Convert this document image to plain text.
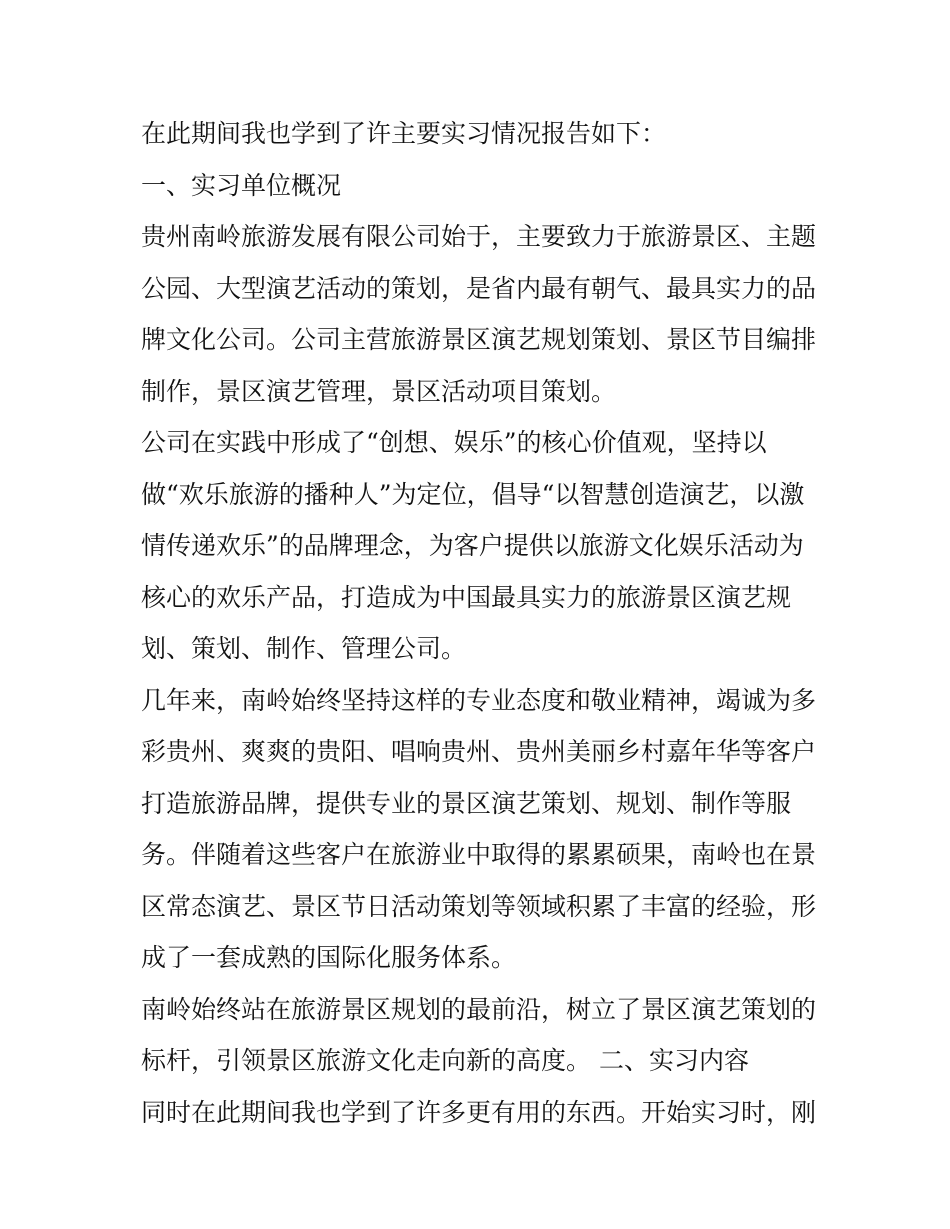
在此期间我也学到了许主要实习情况报告如下：
一、实习单位概况
贵州南岭旅游发展有限公司始于，主要致力于旅游景区、主题
公园、大型演艺活动的策划，是省内最有朝气、最具实力的品
牌文化公司。公司主营旅游景区演艺规划策划、景区节目编排
制作，景区演艺管理，景区活动项目策划。
公司在实践中形成了“创想、娱乐”的核心价值观，坚持以
做“欢乐旅游的播种人”为定位，倡导“以智慧创造演艺，以激
情传递欢乐”的品牌理念，为客户提供以旅游文化娱乐活动为
核心的欢乐产品，打造成为中国最具实力的旅游景区演艺规
划、策划、制作、管理公司。
几年来，南岭始终坚持这样的专业态度和敬业精神，竭诚为多
彩贵州、爽爽的贵阳、唱响贵州、贵州美丽乡村嘉年华等客户
打造旅游品牌，提供专业的景区演艺策划、规划、制作等服
务。伴随着这些客户在旅游业中取得的累累硕果，南岭也在景
区常态演艺、景区节日活动策划等领域积累了丰富的经验，形
成了一套成熟的国际化服务体系。
南岭始终站在旅游景区规划的最前沿，树立了景区演艺策划的
标杆，引领景区旅游文化走向新的高度。 二、实习内容
同时在此期间我也学到了许多更有用的东西。开始实习时，刚
